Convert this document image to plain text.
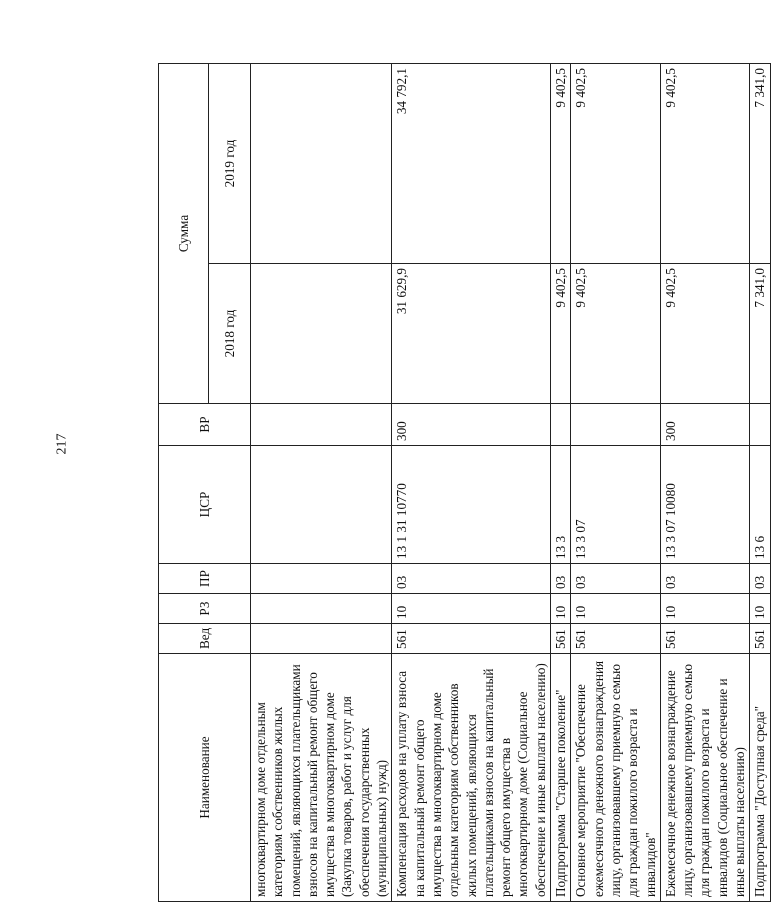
217
Наименование	Вед	РЗ	ПР	ЦСР	ВР	Сумма	
						2018 год	2019 год
многоквартирном доме отдельным категориям собственников жилых помещений, являющихся плательщиками взносов на капитальный ремонт общего имущества в многоквартирном доме (Закупка товаров, работ и услуг для обеспечения государственных (муниципальных) нужд)							
Компенсация расходов на уплату взноса на капитальный ремонт общего имущества в многоквартирном доме отдельным категориям собственников жилых помещений, являющихся плательщиками взносов на капитальный ремонт общего имущества в многоквартирном доме (Социальное обеспечение и иные выплаты населению)	561	10	03	13 1 31 10770	300	31 629,9	34 792,1
Подпрограмма "Старшее поколение"	561	10	03	13 3		9 402,5	9 402,5
Основное мероприятие "Обеспечение ежемесячного денежного вознаграждения лицу, организовавшему приемную семью для граждан пожилого возраста и инвалидов"	561	10	03	13 3 07		9 402,5	9 402,5
Ежемесячное денежное вознаграждение лицу, организовавшему приемную семью для граждан пожилого возраста и инвалидов (Социальное обеспечение и иные выплаты населению)	561	10	03	13 3 07 10080	300	9 402,5	9 402,5
Подпрограмма "Доступная среда"	561	10	03	13 6		7 341,0	7 341,0
